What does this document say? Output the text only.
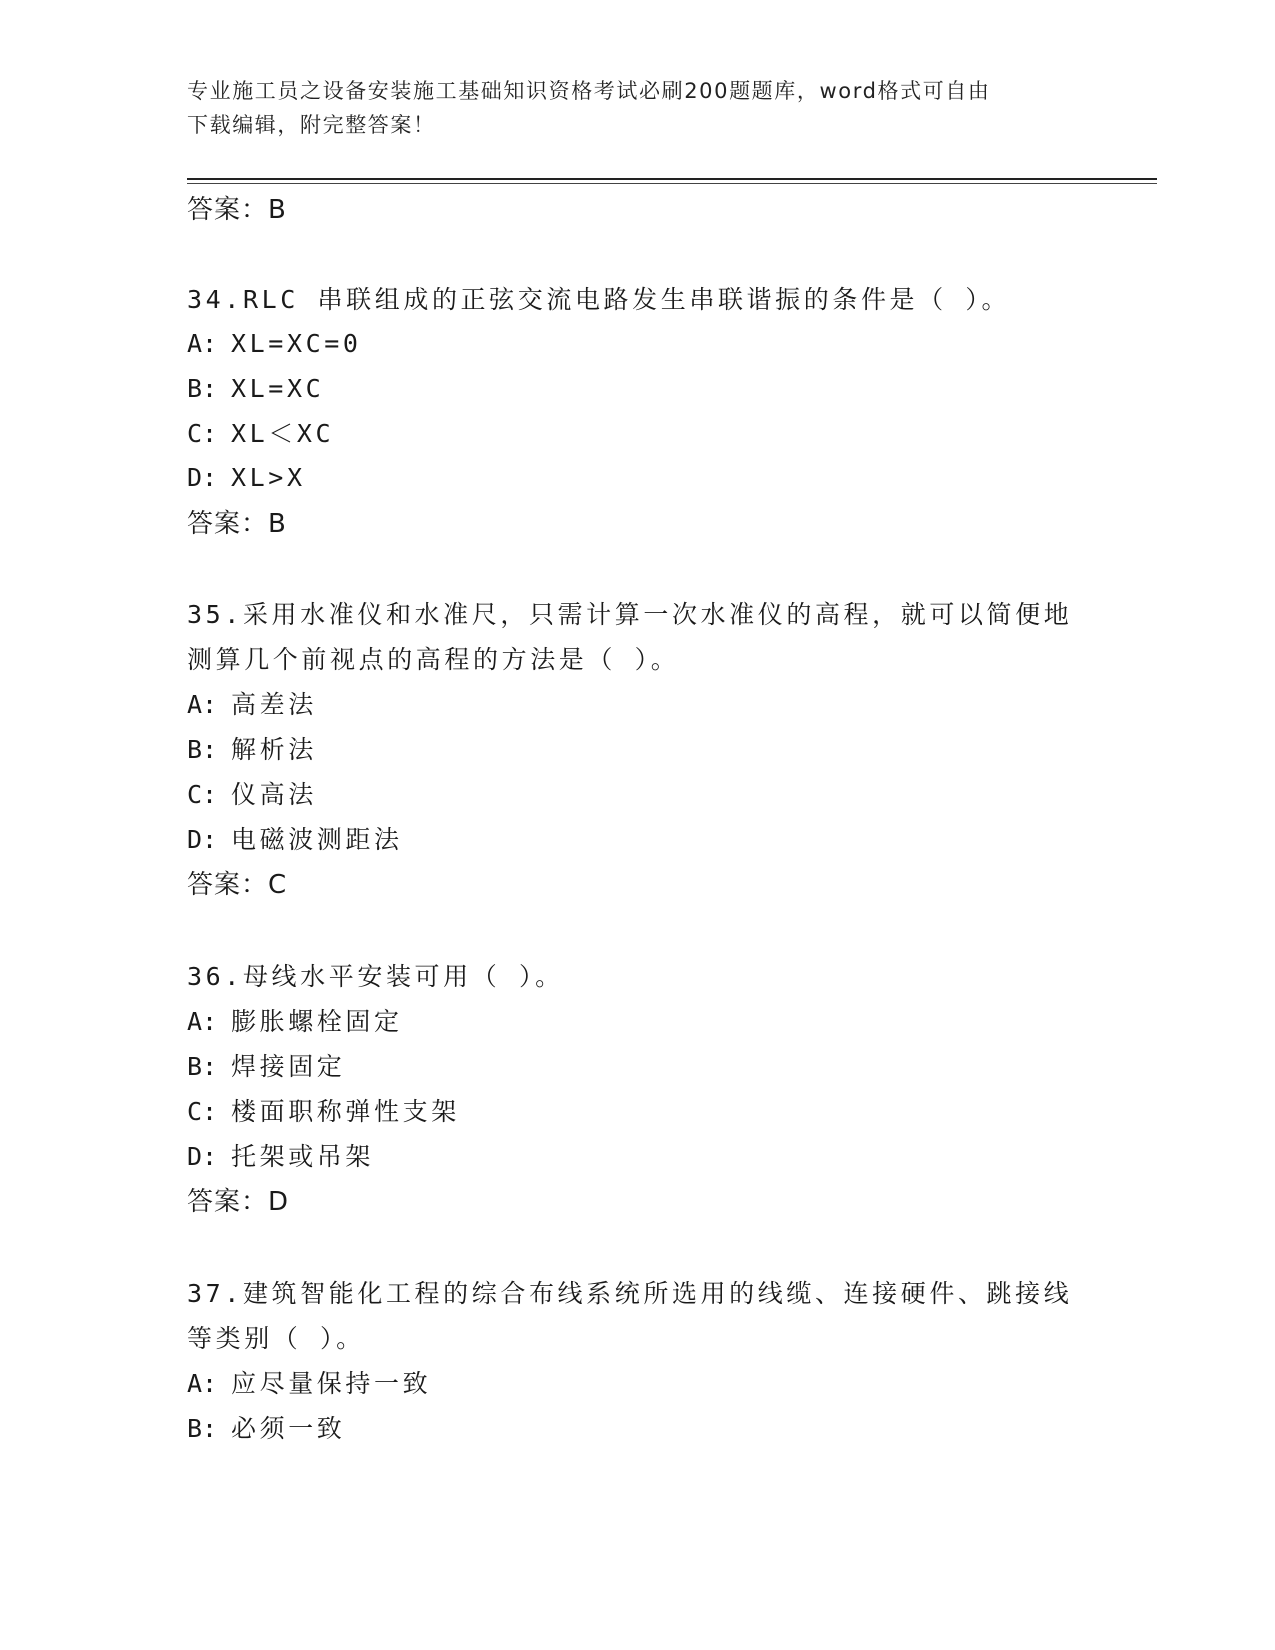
专业施工员之设备安装施工基础知识资格考试必刷200题题库，word格式可自由
下载编辑，附完整答案！
答案：B
34.RLC 串联组成的正弦交流电路发生串联谐振的条件是（ ）。
A: XL=XC=0
B: XL=XC
C: XL＜XC
D: XL>X
答案：B
35.采用水准仪和水准尺，只需计算一次水准仪的高程，就可以简便地
测算几个前视点的高程的方法是（ ）。
A: 高差法
B: 解析法
C: 仪高法
D: 电磁波测距法
答案：C
36.母线水平安装可用（ ）。
A: 膨胀螺栓固定
B: 焊接固定
C: 楼面职称弹性支架
D: 托架或吊架
答案：D
37.建筑智能化工程的综合布线系统所选用的线缆、连接硬件、跳接线
等类别（ ）。
A: 应尽量保持一致
B: 必须一致
